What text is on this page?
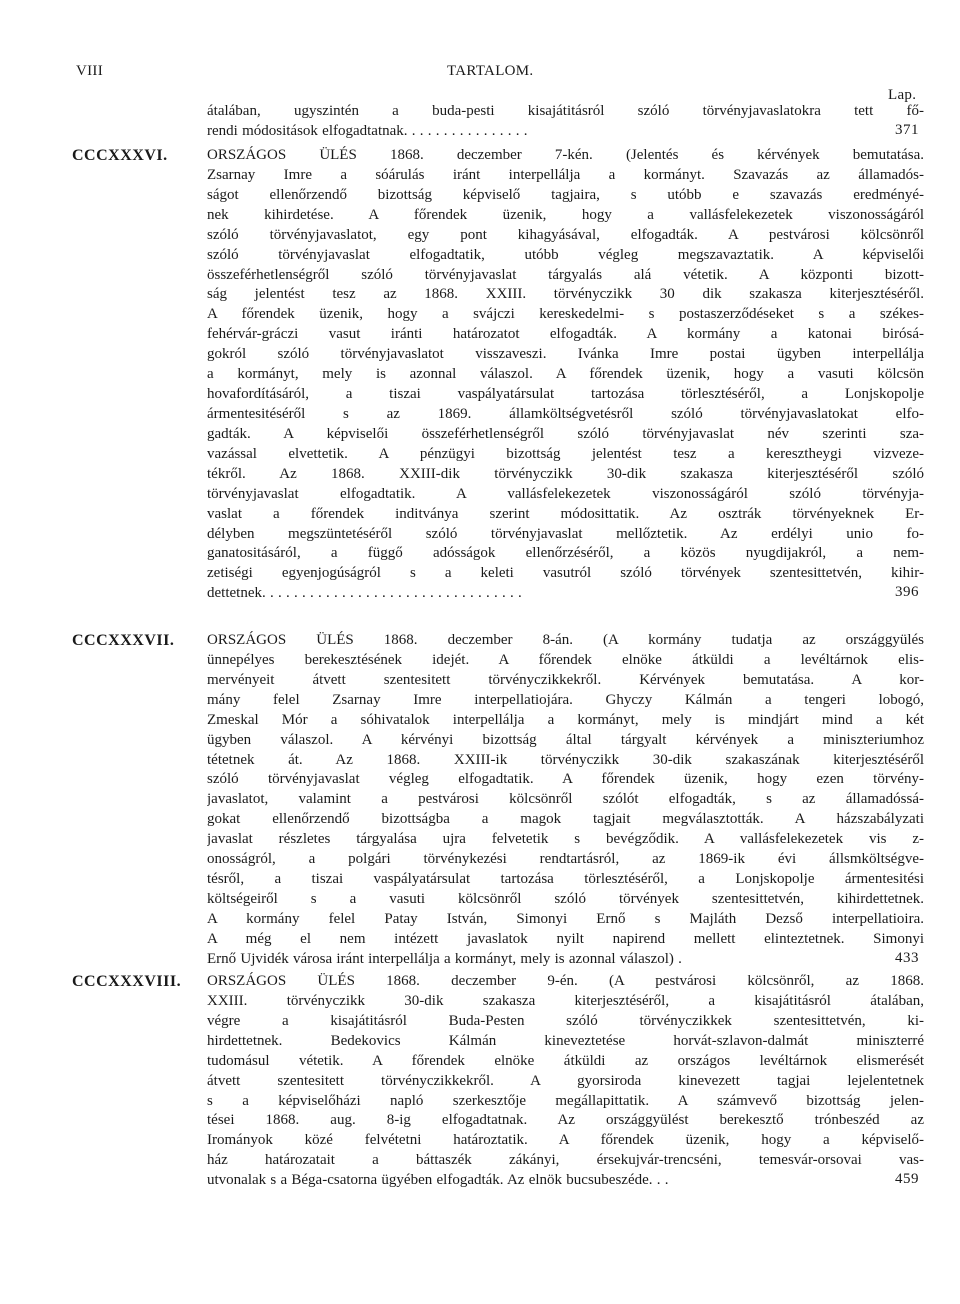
VIII	TARTALOM.
Lap.
átalában, ugyszintén a buda-pesti kisajátitásról szóló törvényjavaslatokra tett fő-
rendi módositások elfogadtatnak. . . . . . . . . . . . . . . .	371
CCCXXXVI.	ORSZÁGOS ÜLÉS 1868. deczember 7-kén. (Jelentés és kérvények bemutatása.
Zsarnay Imre a sóárulás iránt interpellálja a kormányt. Szavazás az államadós-
ságot ellenőrzendő bizottság képviselő tagjaira, s utóbb e szavazás eredményé-
nek kihirdetése. A főrendek üzenik, hogy a vallásfelekezetek viszonosságáról
szóló törvényjavaslatot, egy pont kihagyásával, elfogadták. A pestvárosi kölcsönről
szóló törvényjavaslat elfogadtatik, utóbb végleg megszavaztatik. A képviselői
összeférhetlenségről szóló törvényjavaslat tárgyalás alá vétetik. A központi bizott-
ság jelentést tesz az 1868. XXIII. törvényczikk 30 dik szakasza kiterjesztéséről.
A főrendek üzenik, hogy a svájczi kereskedelmi- s postaszerződéseket s a székes-
fehérvár-gráczi vasut iránti határozatot elfogadták. A kormány a katonai birósá-
gokról szóló törvényjavaslatot visszaveszi. Ivánka Imre postai ügyben interpellálja
a kormányt, mely is azonnal válaszol. A főrendek üzenik, hogy a vasuti kölcsön
hovafordításáról, a tiszai vaspályatársulat tartozása törlesztéséről, a Lonjskopolje
ármentesitéséről s az 1869. államköltségvetésről szóló törvényjavaslatokat elfo-
gadták. A képviselői összeférhetlenségről szóló törvényjavaslat név szerinti sza-
vazással elvettetik. A pénzügyi bizottság jelentést tesz a keresztheygi vizveze-
tékről. Az 1868. XXIII-dik törvényczikk 30-dik szakasza kiterjesztéséről szóló
törvényjavaslat elfogadtatik. A vallásfelekezetek viszonosságáról szóló törvényja-
vaslat a főrendek inditványa szerint módosittatik. Az osztrák törvényeknek Er-
délyben megszüntetéséről szóló törvényjavaslat mellőztetik. Az erdélyi unio fo-
ganatositásáról, a függő adósságok ellenőrzéséről, a közös nyugdijakról, a nem-
zetiségi egyenjogúságról s a keleti vasutról szóló törvények szentesittetvén, kihir-
dettetnek. . . . . . . . . . . . . . . . . . . . . . . . . . . . . . . . .	396
CCCXXXVII. ORSZÁGOS ÜLÉS 1868. deczember 8-án. (A kormány tudatja az országgyülés
ünnepélyes berekesztésének idejét. A főrendek elnöke átküldi a levéltárnok elis-
mervényeit átvett szentesitett törvényczikkekről. Kérvények bemutatása. A kor-
mány felel Zsarnay Imre interpellatiojára. Ghyczy Kálmán a tengeri lobogó,
Zmeskal Mór a sóhivatalok interpellálja a kormányt, mely is mindjárt mind a két
ügyben válaszol. A kérvényi bizottság által tárgyalt kérvények a miniszteriumhoz
tétetnek át. Az 1868. XXIII-ik törvényczikk 30-dik szakaszának kiterjesztéséről
szóló törvényjavaslat végleg elfogadtatik. A főrendek üzenik, hogy ezen törvény-
javaslatot, valamint a pestvárosi kölcsönről szólót elfogadták, s az államadóssá-
gokat ellenőrzendő bizottságba a magok tagjait megválasztották. A házszabályzati
javaslat részletes tárgyalása ujra felvetetik s bevégződik. A vallásfelekezetek vis z-
onosságról, a polgári törvénykezési rendtartásról, az 1869-ik évi állsmköltségve-
tésről, a tiszai vaspályatársulat tartozása törlesztéséről, a Lonjskopolje ármentesitési
költségeiről s a vasuti kölcsönről szóló törvények szentesittetvén, kihirdettetnek.
A kormány felel Patay István, Simonyi Ernő s Majláth Dezső interpellatioira.
A még el nem intézett javaslatok nyilt napirend mellett elinteztetnek. Simonyi
Ernő Ujvidék városa iránt interpellálja a kormányt, mely is azonnal válaszol) .	433
CCCXXXVIII. ORSZÁGOS ÜLÉS 1868. deczember 9-én. (A pestvárosi kölcsönről, az 1868.
XXIII. törvényczikk 30-dik szakasza kiterjesztéséről, a kisajátitásról átalában,
végre a kisajátitásról Buda-Pesten szóló törvényczikkek szentesittetvén, ki-
hirdettetnek. Bedekovics Kálmán kineveztetése horvát-szlavon-dalmát miniszterré
tudomásul vétetik. A főrendek elnöke átküldi az országos levéltárnok elismerését
átvett szentesitett törvényczikkekről. A gyorsiroda kinevezett tagjai lejelentetnek
s a képviselőházi napló szerkesztője megállapittatik. A számvevő bizottság jelen-
tései 1868. aug. 8-ig elfogadtatnak. Az országgyülést berekesztő trónbeszéd az
Irományok közé felvétetni határoztatik. A főrendek üzenik, hogy a képviselő-
ház határozatait a báttaszék zákányi, érsekujvár-trencséni, temesvár-orsovai vas-
utvonalak s a Béga-csatorna ügyében elfogadták. Az elnök bucsubeszéde. . .	459
